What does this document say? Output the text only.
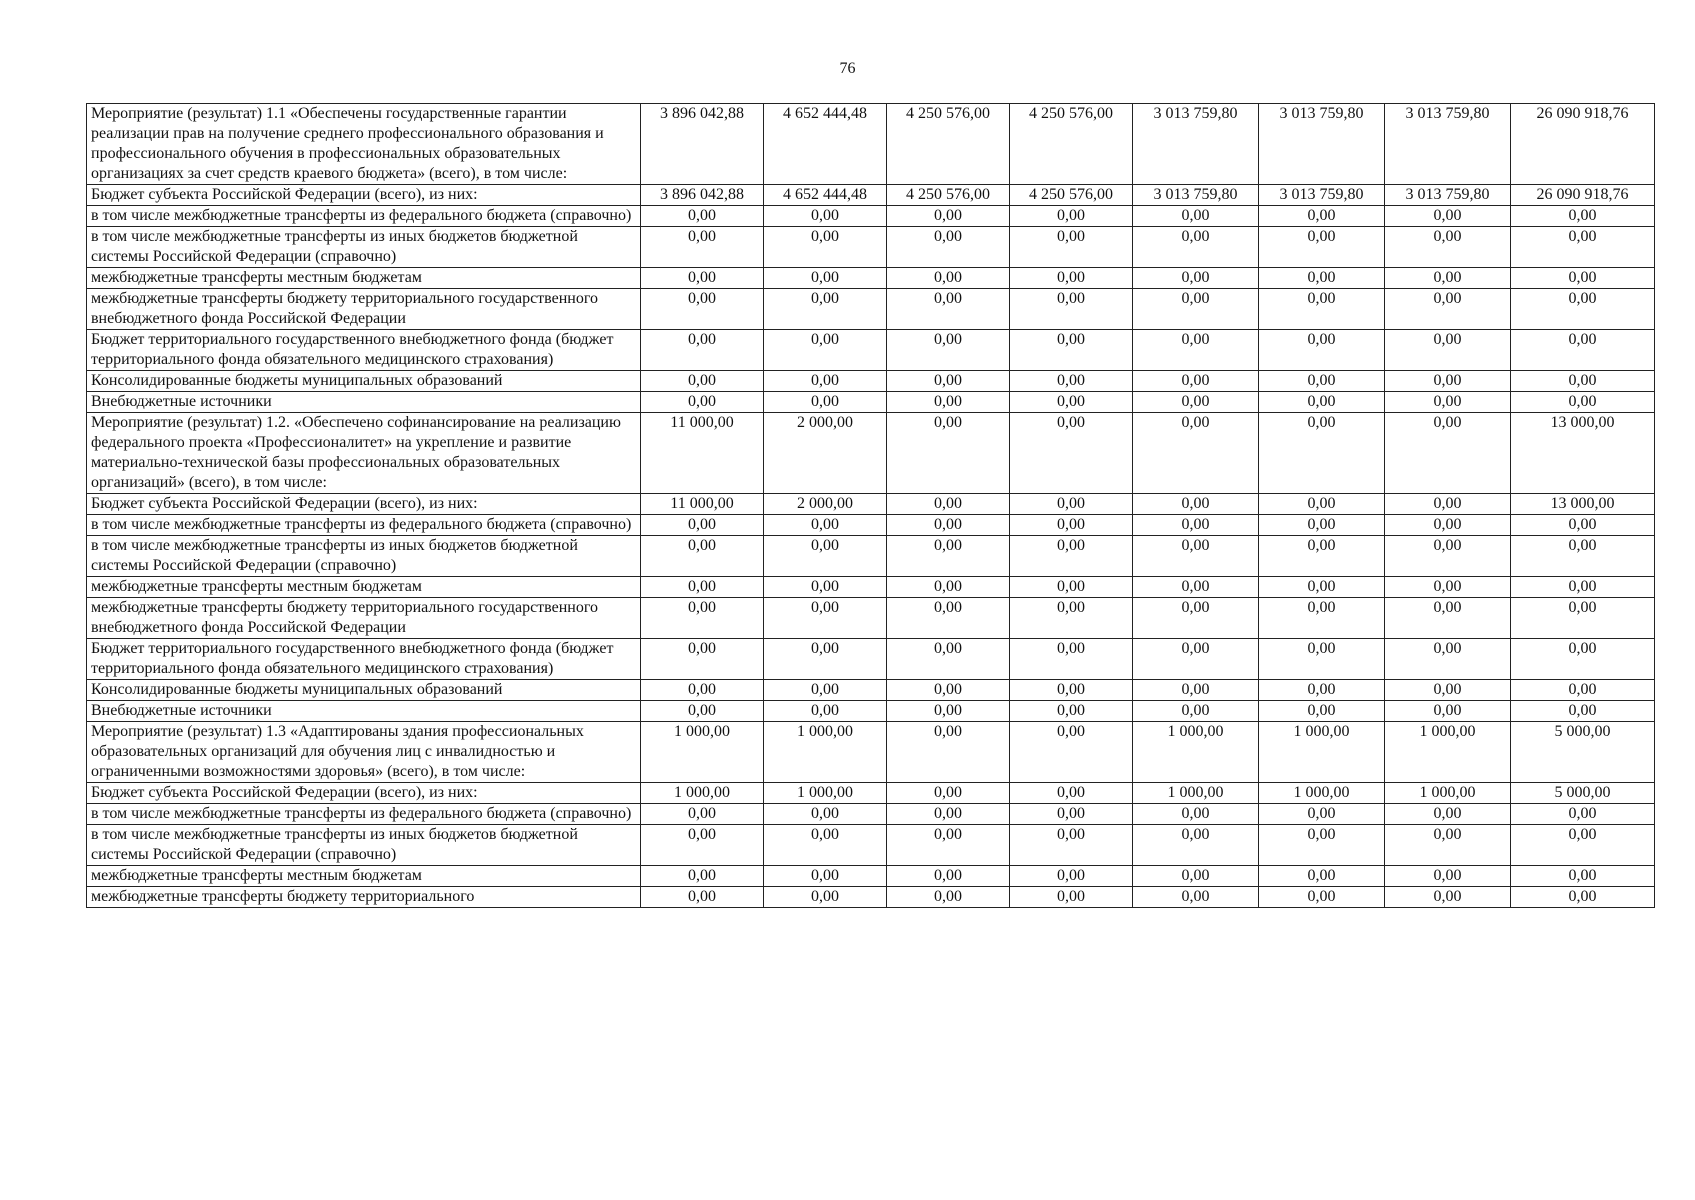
76
Мероприятие (результат) 1.1 «Обеспечены государственные гарантии реализации прав на получение среднего профессионального образования и профессионального обучения в профессиональных образовательных организациях за счет средств краевого бюджета» (всего), в том числе:	3 896 042,88	4 652 444,48	4 250 576,00	4 250 576,00	3 013 759,80	3 013 759,80	3 013 759,80	26 090 918,76
Бюджет субъекта Российской Федерации (всего), из них:	3 896 042,88	4 652 444,48	4 250 576,00	4 250 576,00	3 013 759,80	3 013 759,80	3 013 759,80	26 090 918,76
в том числе межбюджетные трансферты из федерального бюджета (справочно)	0,00	0,00	0,00	0,00	0,00	0,00	0,00	0,00
в том числе межбюджетные трансферты из иных бюджетов бюджетной системы Российской Федерации (справочно)	0,00	0,00	0,00	0,00	0,00	0,00	0,00	0,00
межбюджетные трансферты местным бюджетам	0,00	0,00	0,00	0,00	0,00	0,00	0,00	0,00
межбюджетные трансферты бюджету территориального государственного внебюджетного фонда Российской Федерации	0,00	0,00	0,00	0,00	0,00	0,00	0,00	0,00
Бюджет территориального государственного внебюджетного фонда (бюджет территориального фонда обязательного медицинского страхования)	0,00	0,00	0,00	0,00	0,00	0,00	0,00	0,00
Консолидированные бюджеты муниципальных образований	0,00	0,00	0,00	0,00	0,00	0,00	0,00	0,00
Внебюджетные источники	0,00	0,00	0,00	0,00	0,00	0,00	0,00	0,00
Мероприятие (результат) 1.2. «Обеспечено софинансирование на реализацию федерального проекта «Профессионалитет» на укрепление и развитие материально-технической базы профессиональных образовательных организаций» (всего), в том числе:	11 000,00	2 000,00	0,00	0,00	0,00	0,00	0,00	13 000,00
Бюджет субъекта Российской Федерации (всего), из них:	11 000,00	2 000,00	0,00	0,00	0,00	0,00	0,00	13 000,00
в том числе межбюджетные трансферты из федерального бюджета (справочно)	0,00	0,00	0,00	0,00	0,00	0,00	0,00	0,00
в том числе межбюджетные трансферты из иных бюджетов бюджетной системы Российской Федерации (справочно)	0,00	0,00	0,00	0,00	0,00	0,00	0,00	0,00
межбюджетные трансферты местным бюджетам	0,00	0,00	0,00	0,00	0,00	0,00	0,00	0,00
межбюджетные трансферты бюджету территориального государственного внебюджетного фонда Российской Федерации	0,00	0,00	0,00	0,00	0,00	0,00	0,00	0,00
Бюджет территориального государственного внебюджетного фонда (бюджет территориального фонда обязательного медицинского страхования)	0,00	0,00	0,00	0,00	0,00	0,00	0,00	0,00
Консолидированные бюджеты муниципальных образований	0,00	0,00	0,00	0,00	0,00	0,00	0,00	0,00
Внебюджетные источники	0,00	0,00	0,00	0,00	0,00	0,00	0,00	0,00
Мероприятие (результат) 1.3 «Адаптированы здания профессиональных образовательных организаций для обучения лиц с инвалидностью и ограниченными возможностями здоровья» (всего), в том числе:	1 000,00	1 000,00	0,00	0,00	1 000,00	1 000,00	1 000,00	5 000,00
Бюджет субъекта Российской Федерации (всего), из них:	1 000,00	1 000,00	0,00	0,00	1 000,00	1 000,00	1 000,00	5 000,00
в том числе межбюджетные трансферты из федерального бюджета (справочно)	0,00	0,00	0,00	0,00	0,00	0,00	0,00	0,00
в том числе межбюджетные трансферты из иных бюджетов бюджетной системы Российской Федерации (справочно)	0,00	0,00	0,00	0,00	0,00	0,00	0,00	0,00
межбюджетные трансферты местным бюджетам	0,00	0,00	0,00	0,00	0,00	0,00	0,00	0,00
межбюджетные трансферты бюджету территориального	0,00	0,00	0,00	0,00	0,00	0,00	0,00	0,00
